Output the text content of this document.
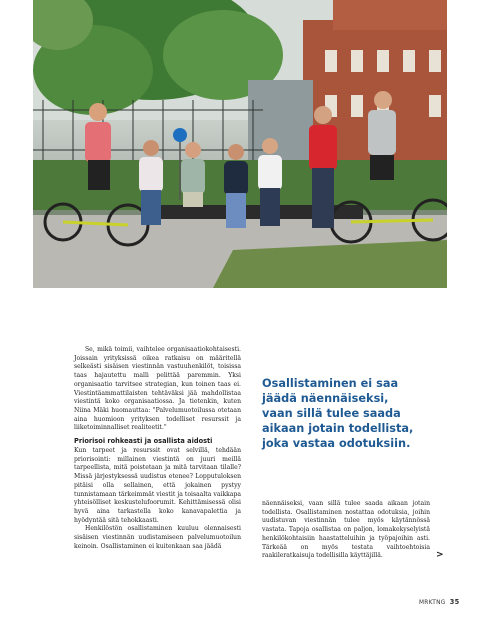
Se, mikä toimii, vaihtelee organisaatiokohtaisesti. Joissain yrityksissä oikea ratkaisu on määritellä selkeästi sisäisen viestinnän vastuuhenkilöt, toisissa taas hajautettu malli pelittää paremmin. Yksi organisaatio tarvitsee strategian, kun toinen taas ei. Viestintäammattilaisten tehtäväksi jää mahdollistaa viestintä koko organisaatiossa. Ja tietenkin, kuten Niina Mäki huomauttaa: "Palvelumuotoilussa otetaan aina huomioon yrityksen todelliset resurssit ja liiketoiminnalliset realiteetit."

Priorisoi rohkeasti ja osallista aidosti

Kun tarpeet ja resurssit ovat selvillä, tehdään priorisointi: millainen viestintä on juuri meillä tarpeellista, mitä poistetaan ja mitä tarvitaan tilalle? Missä järjestyksessä uudistus etenee? Lopputuloksen pitäisi olla sellainen, että jokainen pystyy tunnistamaan tärkeimmät viestit ja toisaalta vaikkapa yhteisölliset keskustelufoorumit. Kehittämisessä olisi hyvä aina tarkastella koko kanavapalettia ja hyödyntää sitä tehokkaasti.

Henkilöstön osallistaminen kuuluu olennaisesti sisäisen viestinnän uudistamiseen palvelumuotoilun keinoin. Osallistaminen ei kuitenkaan saa jäädä

Osallistaminen ei saa jäädä näennäiseksi, vaan sillä tulee saada aikaan jotain todellista, joka vastaa odotuksiin.

näennäiseksi, vaan sillä tulee saada aikaan jotain todellista. Osallistaminen nostattaa odotuksia, joihin uudistuvan viestinnän tulee myös käytännössä vastata. Tapoja osallistaa on paljon, lomakekyselyistä henkilökohtaisiin haastatteluihin ja työpajoihin asti. Tärkeää on myös testata vaihtoehtoisia raakileratkaisuja todellisilla käyttäjillä.	>
MRKTNG 35
